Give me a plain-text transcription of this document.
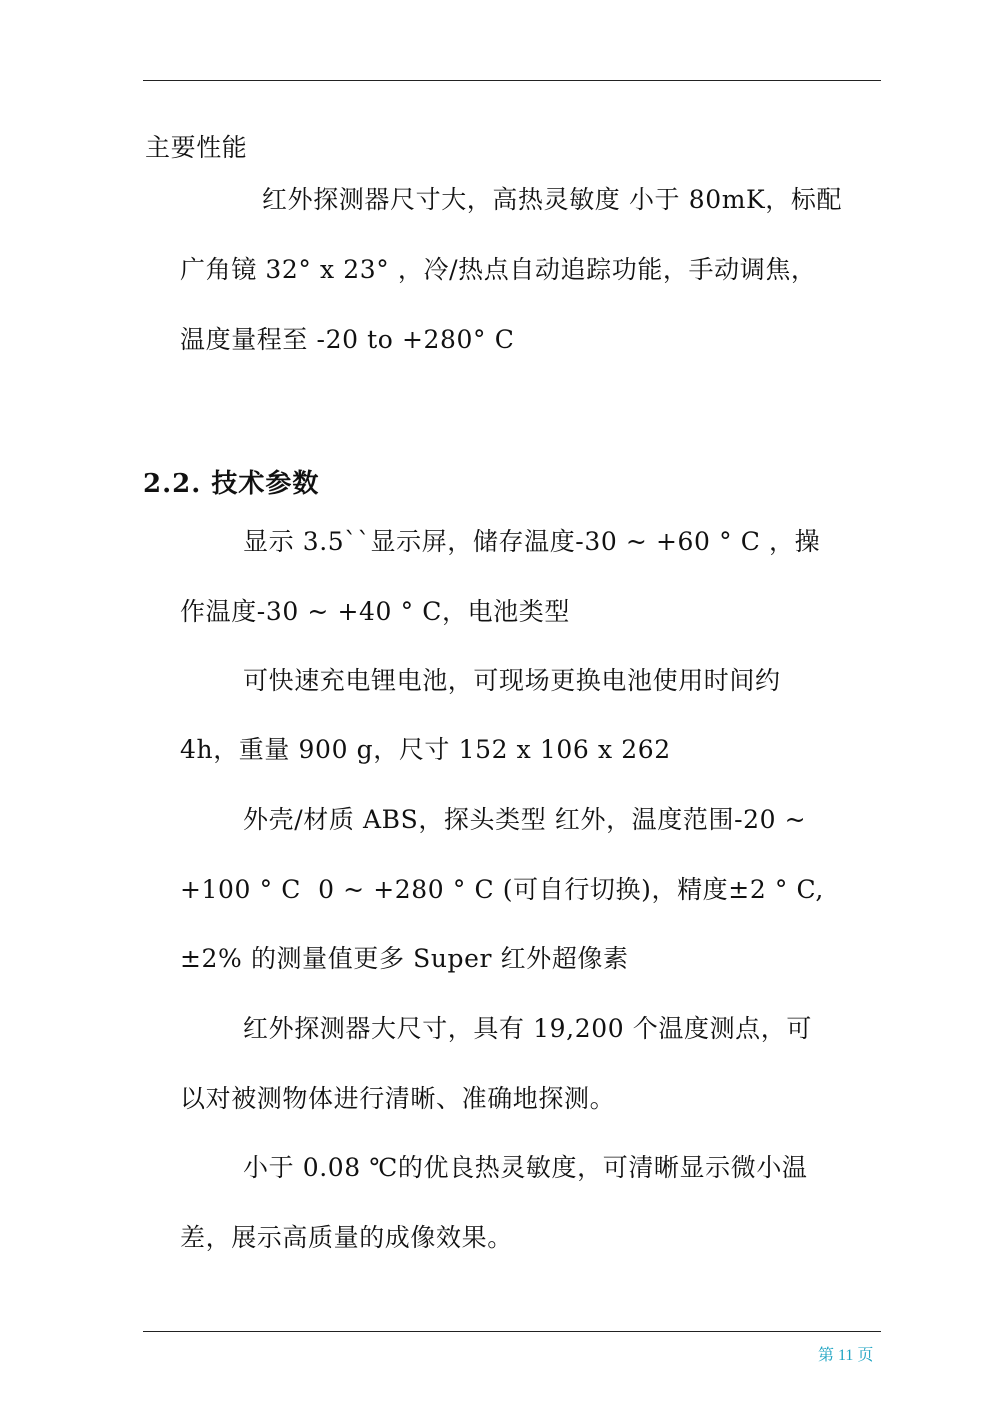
主要性能
红外探测器尺寸大，高热灵敏度 小于 80mK，标配
广角镜 32° x 23° ，冷/热点自动追踪功能，手动调焦，
温度量程至 -20 to +280° C
2.2. 技术参数
显示 3.5``显示屏，储存温度-30 ~ +60 ° C ，操
作温度-30 ~ +40 ° C，电池类型
可快速充电锂电池，可现场更换电池使用时间约
4h，重量 900 g，尺寸 152 x 106 x 262
外壳/材质 ABS，探头类型 红外，温度范围-20 ~
+100 ° C  0 ~ +280 ° C (可自行切换)，精度±2 ° C,
±2% 的测量值更多 Super 红外超像素
红外探测器大尺寸，具有 19,200 个温度测点，可
以对被测物体进行清晰、准确地探测。
小于 0.08 ℃的优良热灵敏度，可清晰显示微小温
差，展示高质量的成像效果。
第 11 页
